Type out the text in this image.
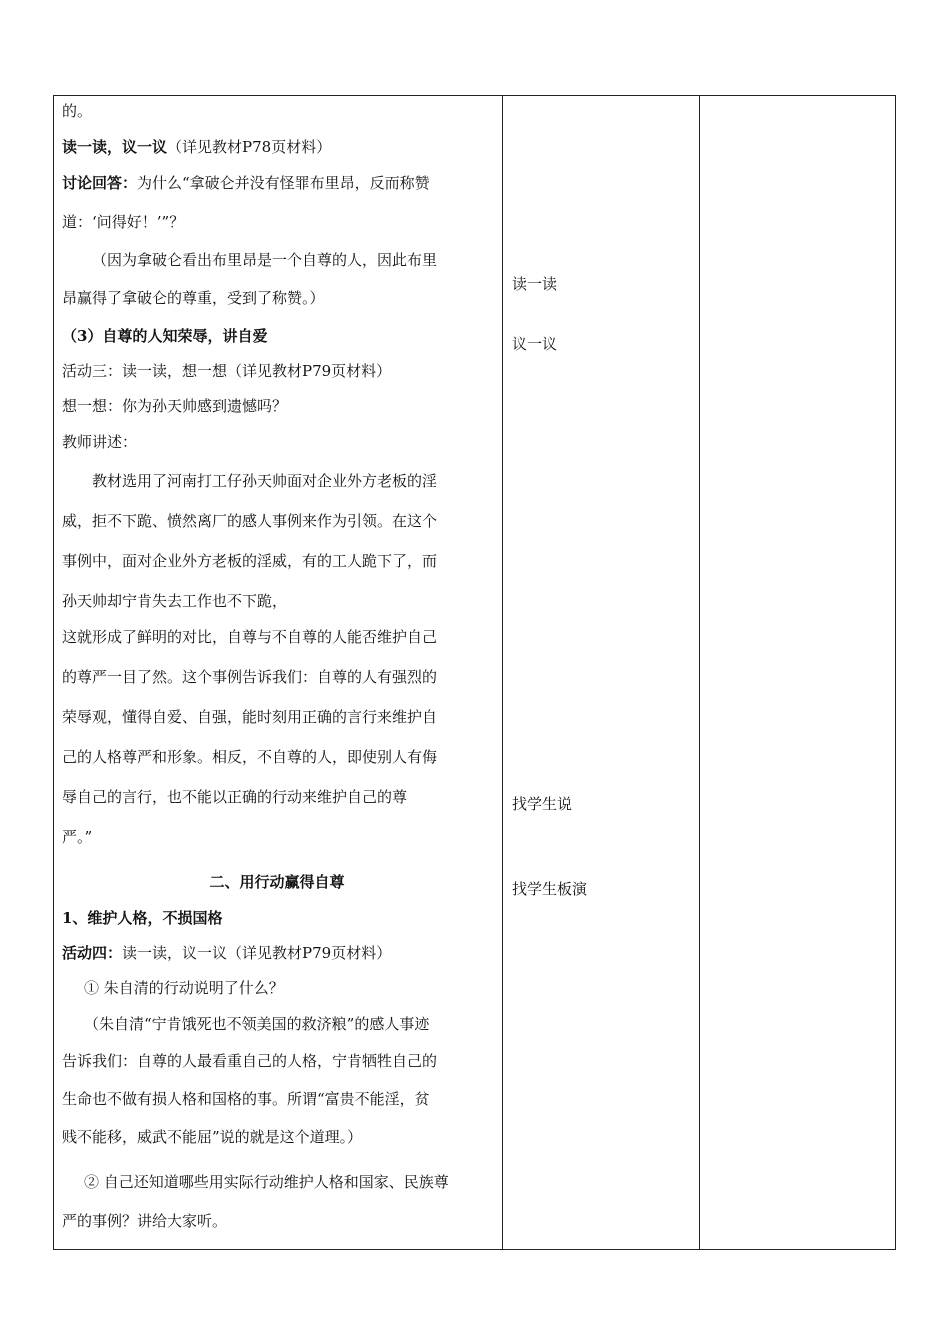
的。
读一读，议一议（详见教材P78页材料）
讨论回答：为什么“拿破仑并没有怪罪布里昂，反而称赞
道：‘问得好！’”？
（因为拿破仑看出布里昂是一个自尊的人，因此布里
昂赢得了拿破仑的尊重，受到了称赞。）
（3）自尊的人知荣辱，讲自爱
活动三：读一读，想一想（详见教材P79页材料）
想一想：你为孙天帅感到遗憾吗？
教师讲述：
教材选用了河南打工仔孙天帅面对企业外方老板的淫
威，拒不下跪、愤然离厂的感人事例来作为引领。在这个
事例中，面对企业外方老板的淫威，有的工人跪下了，而
孙天帅却宁肯失去工作也不下跪，
这就形成了鲜明的对比，自尊与不自尊的人能否维护自己
的尊严一目了然。这个事例告诉我们：自尊的人有强烈的
荣辱观，懂得自爱、自强，能时刻用正确的言行来维护自
己的人格尊严和形象。相反，不自尊的人，即使别人有侮
辱自己的言行，也不能以正确的行动来维护自己的尊
严。”
二、用行动赢得自尊
1、维护人格，不损国格
活动四：读一读，议一议（详见教材P79页材料）
① 朱自清的行动说明了什么？
（朱自清“宁肯饿死也不领美国的救济粮”的感人事迹
告诉我们：自尊的人最看重自己的人格，宁肯牺牲自己的
生命也不做有损人格和国格的事。所谓“富贵不能淫，贫
贱不能移，威武不能屈”说的就是这个道理。）
② 自己还知道哪些用实际行动维护人格和国家、民族尊
严的事例？讲给大家听。
读一读
议一议
找学生说
找学生板演
